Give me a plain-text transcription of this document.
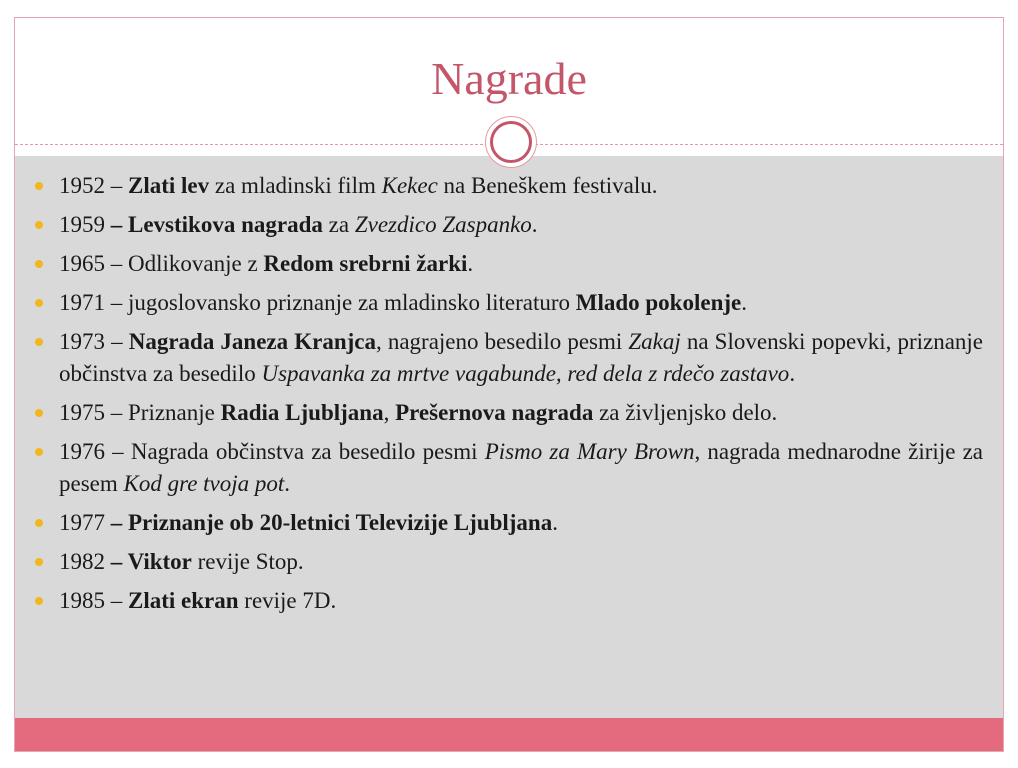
Nagrade
1952 – Zlati lev za mladinski film Kekec na Beneškem festivalu.
1959 – Levstikova nagrada za Zvezdico Zaspanko.
1965 – Odlikovanje z Redom srebrni žarki.
1971 – jugoslovansko priznanje za mladinsko literaturo Mlado pokolenje.
1973 – Nagrada Janeza Kranjca, nagrajeno besedilo pesmi Zakaj na Slovenski popevki, priznanje občinstva za besedilo Uspavanka za mrtve vagabunde, red dela z rdečo zastavo.
1975 – Priznanje Radia Ljubljana, Prešernova nagrada za življenjsko delo.
1976 – Nagrada občinstva za besedilo pesmi Pismo za Mary Brown, nagrada mednarodne žirije za pesem Kod gre tvoja pot.
1977 – Priznanje ob 20-letnici Televizije Ljubljana.
1982 – Viktor revije Stop.
1985 – Zlati ekran revije 7D.
